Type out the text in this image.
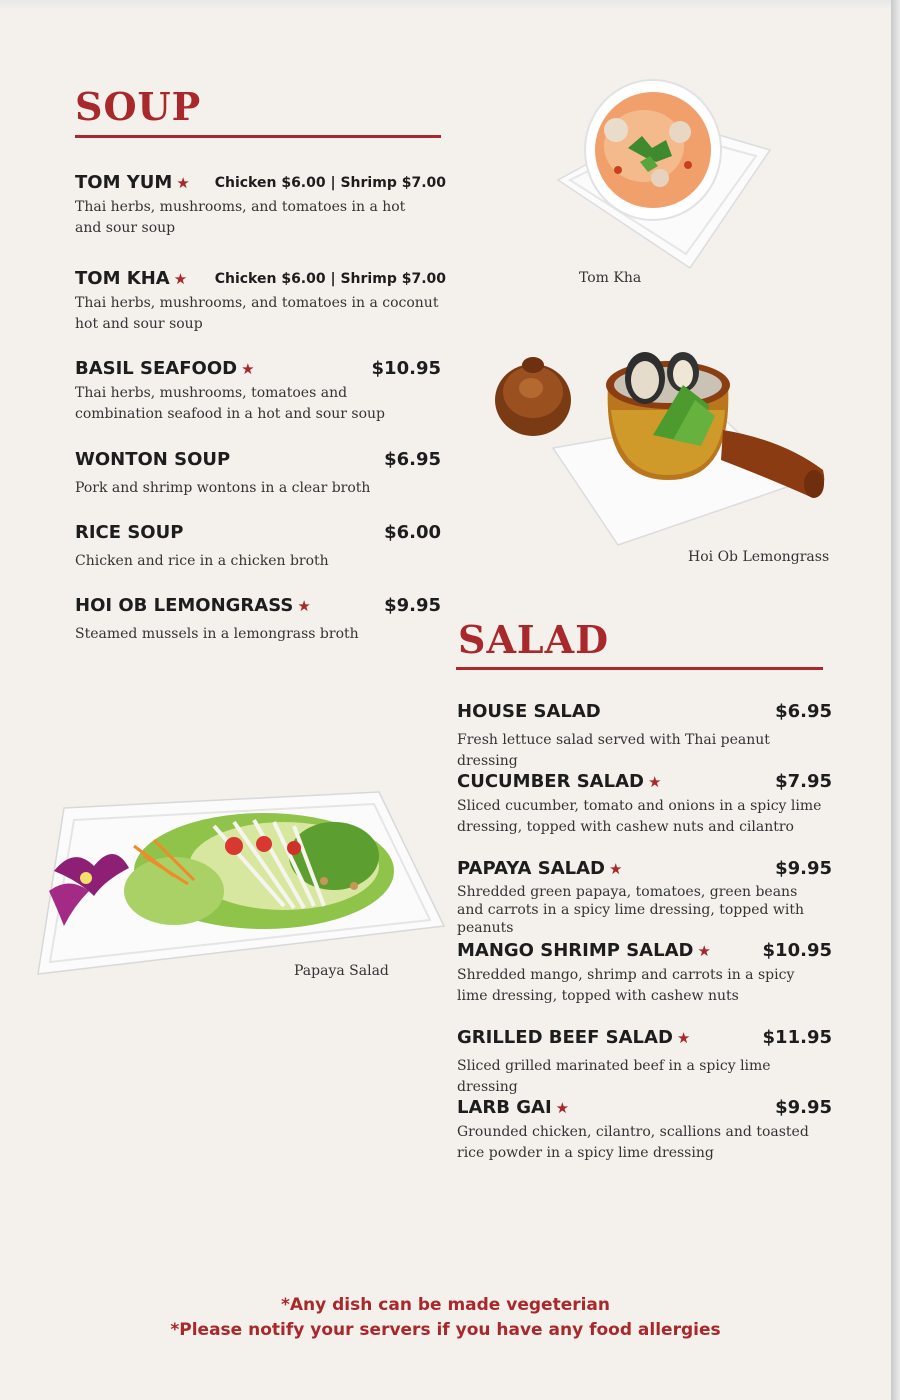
SOUP
TOM YUM ★ Chicken $6.00 | Shrimp $7.00
Thai herbs, mushrooms, and tomatoes in a hot and sour soup
TOM KHA ★ Chicken $6.00 | Shrimp $7.00
Thai herbs, mushrooms, and tomatoes in a coconut hot and sour soup
BASIL SEAFOOD ★	$10.95
Thai herbs, mushrooms, tomatoes and combination seafood in a hot and sour soup
WONTON SOUP	$6.95
Pork and shrimp wontons in a clear broth
RICE SOUP	$6.00
Chicken and rice in a chicken broth
HOI OB LEMONGRASS ★	$9.95
Steamed mussels in a lemongrass broth
Tom Kha
Hoi Ob Lemongrass
SALAD
HOUSE SALAD	$6.95
Fresh lettuce salad served with Thai peanut dressing
CUCUMBER SALAD ★	$7.95
Sliced cucumber, tomato and onions in a spicy lime dressing, topped with cashew nuts and cilantro
PAPAYA SALAD ★	$9.95
Shredded green papaya, tomatoes, green beans and carrots in a spicy lime dressing, topped with peanuts
MANGO SHRIMP SALAD ★	$10.95
Shredded mango, shrimp and carrots in a spicy lime dressing, topped with cashew nuts
GRILLED BEEF SALAD ★	$11.95
Sliced grilled marinated beef in a spicy lime dressing
LARB GAI ★	$9.95
Grounded chicken, cilantro, scallions and toasted rice powder in a spicy lime dressing
Papaya Salad
*Any dish can be made vegeterian
*Please notify your servers if you have any food allergies
